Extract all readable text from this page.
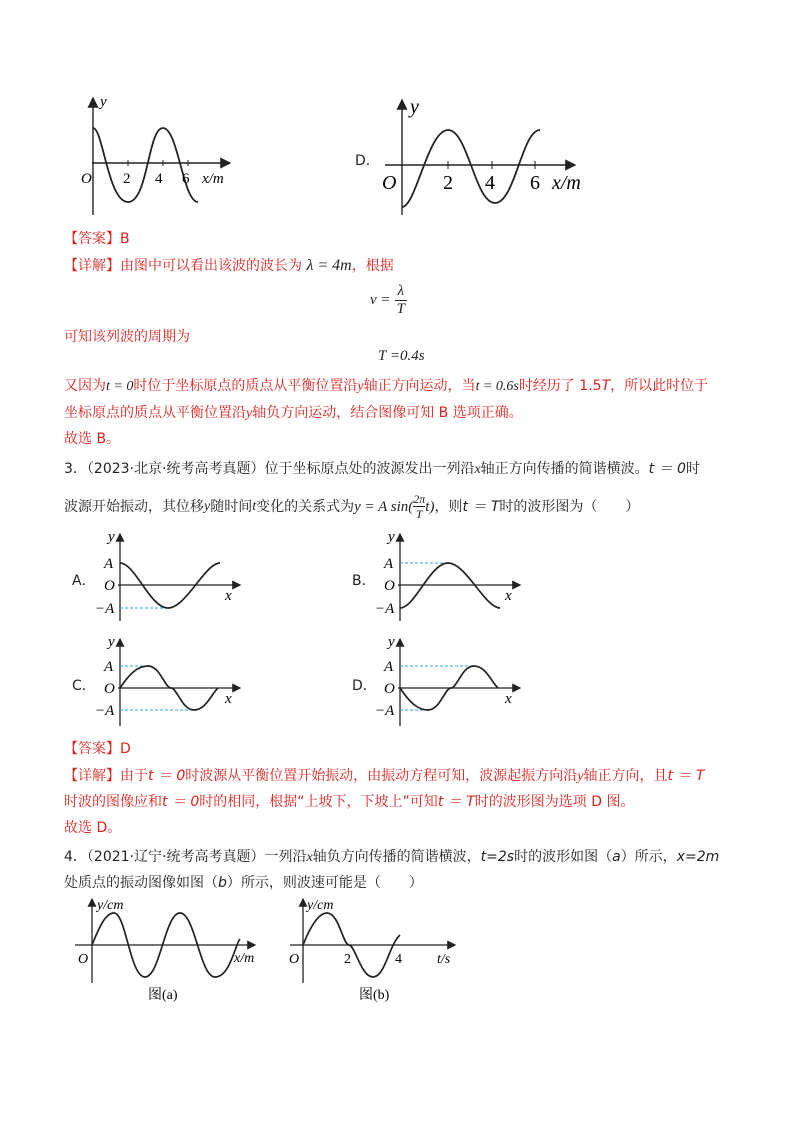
y
O 2 4 6 x/m
D．
y
O 2 4 6 x/m
【答案】B
【详解】由图中可以看出该波的波长为 λ = 4m，根据
$v = \frac{\lambda}{T}$
可知该列波的周期为
T =0.4s
又因为t = 0时位于坐标原点的质点从平衡位置沿y轴正方向运动，当t = 0.6s时经历了 1.5T，所以此时位于
坐标原点的质点从平衡位置沿y轴负方向运动，结合图像可知 B 选项正确。
故选 B。
3．（2023·北京·统考高考真题）位于坐标原点处的波源发出一列沿x轴正方向传播的简谐横波。t ＝ 0时
波源开始振动，其位移 y 随时间 t 变化的关系式为 y = A sin( 2π
T t) ，则 t ＝ T 时的波形图为（　　）
A．
y
A
O
−A
x
B．
y
A
O
−A
x
C．
y
A
O
−A
x
D．
y
A
O
−A
x
【答案】D
【详解】由于t ＝ 0时波源从平衡位置开始振动，由振动方程可知，波源起振方向沿y轴正方向，且t ＝ T
时波的图像应和t ＝ 0时的相同，根据“上坡下，下坡上”可知t ＝ T时的波形图为选项 D 图。
故选 D。
4．（2021·辽宁·统考高考真题）一列沿x轴负方向传播的简谐横波，t=2s时的波形如图（a）所示，x=2m
处质点的振动图像如图（b）所示，则波速可能是（　　）
y/cm
O	x/m
图(a)
y/cm
O	2	4	t/s
图(b)
